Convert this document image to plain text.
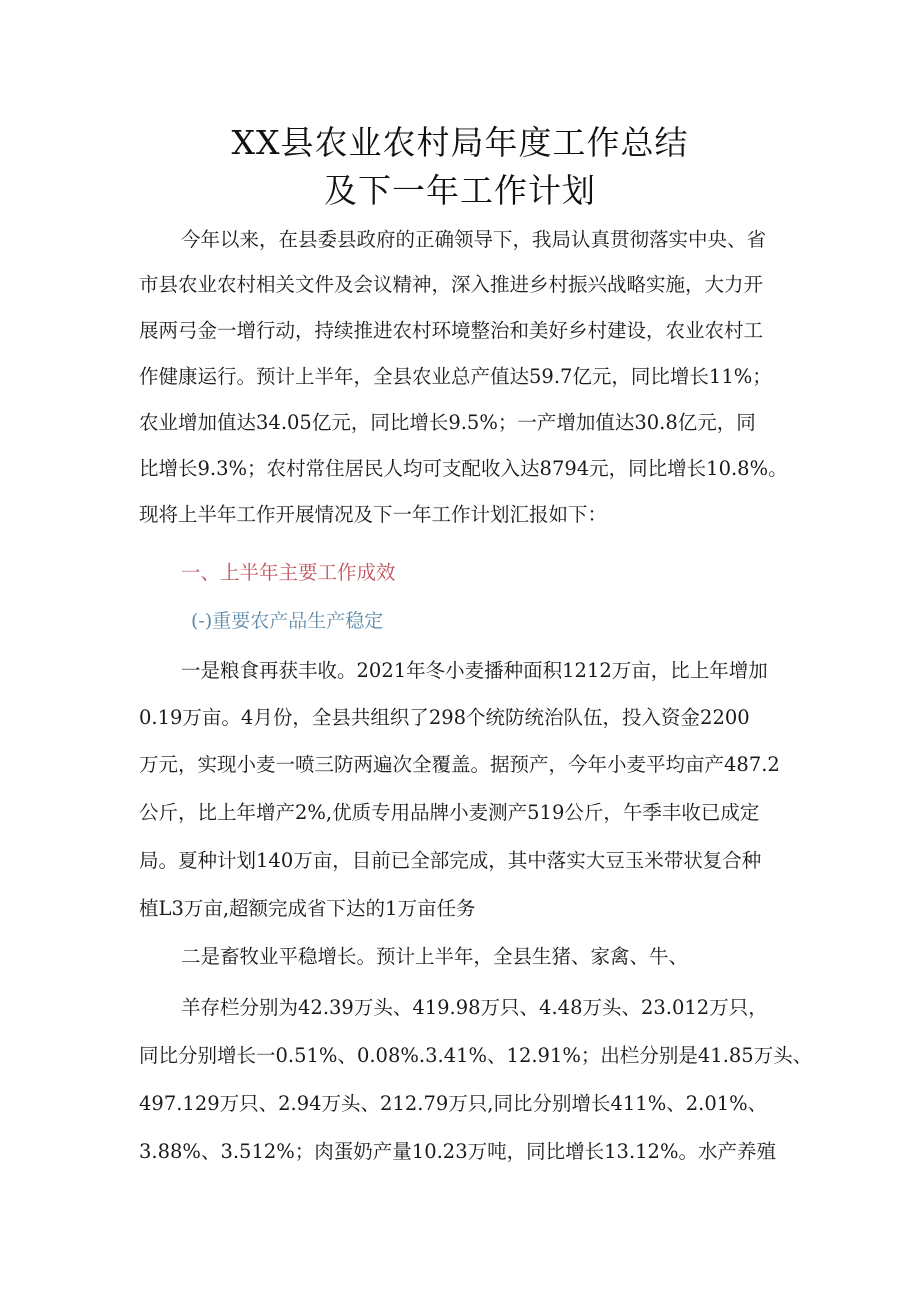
XX县农业农村局年度工作总结
及下一年工作计划
今年以来，在县委县政府的正确领导下，我局认真贯彻落实中央、省
市县农业农村相关文件及会议精神，深入推进乡村振兴战略实施，大力开
展两弓金一增行动，持续推进农村环境整治和美好乡村建设，农业农村工
作健康运行。预计上半年，全县农业总产值达59.7亿元，同比增长11%；
农业增加值达34.05亿元，同比增长9.5%；一产增加值达30.8亿元，同
比增长9.3%；农村常住居民人均可支配收入达8794元，同比增长10.8%。
现将上半年工作开展情况及下一年工作计划汇报如下：
一、上半年主要工作成效
(-)重要农产品生产稳定
一是粮食再获丰收。2021年冬小麦播种面积1212万亩，比上年增加
0.19万亩。4月份，全县共组织了298个统防统治队伍，投入资金2200
万元，实现小麦一喷三防两遍次全覆盖。据预产，今年小麦平均亩产487.2
公斤，比上年增产2%,优质专用品牌小麦测产519公斤，午季丰收已成定
局。夏种计划140万亩，目前已全部完成，其中落实大豆玉米带状复合种
植L3万亩,超额完成省下达的1万亩任务
二是畜牧业平稳增长。预计上半年，全县生猪、家禽、牛、
羊存栏分别为42.39万头、419.98万只、4.48万头、23.012万只，
同比分别增长一0.51%、0.08%.3.41%、12.91%；出栏分别是41.85万头、
497.129万只、2.94万头、212.79万只,同比分别增长411%、2.01%、
3.88%、3.512%；肉蛋奶产量10.23万吨，同比增长13.12%。水产养殖
